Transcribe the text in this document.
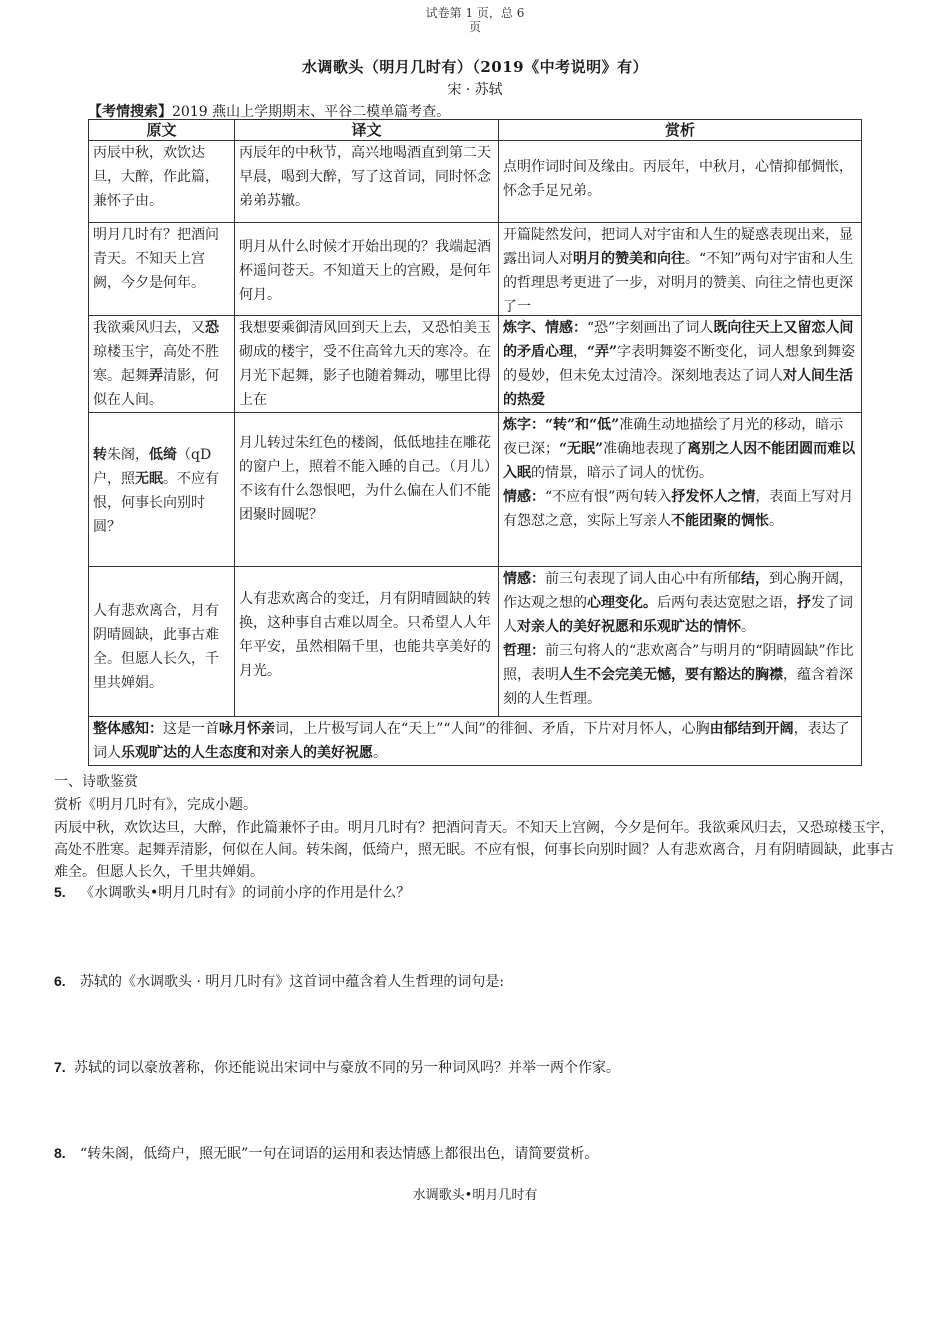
试卷第 1 页，总 6
页
水调歌头（明月几时有）（2019《中考说明》有）
宋 · 苏轼
【考情搜索】2019 燕山上学期期末、平谷二模单篇考查。
原文	译文	赏析
丙辰中秋，欢饮达旦，大醉，作此篇，兼怀子由。	丙辰年的中秋节，高兴地喝酒直到第二天早晨，喝到大醉，写了这首词，同时怀念弟弟苏辙。	点明作词时间及缘由。丙辰年，中秋月，心情抑郁惆怅，怀念手足兄弟。
明月几时有？把酒问青天。不知天上宫阙，今夕是何年。	明月从什么时候才开始出现的？我端起酒杯遥问苍天。不知道天上的宫殿，是何年何月。	开篇陡然发问，把词人对宇宙和人生的疑惑表现出来，显露出词人对明月的赞美和向往。“不知”两句对宇宙和人生的哲理思考更进了一步，对明月的赞美、向往之情也更深了一

我欲乘风归去，又恐琼楼玉宇，高处不胜寒。起舞弄清影，何似在人间。	我想要乘御清风回到天上去，又恐怕美玉砌成的楼宇，受不住高耸九天的寒冷。在月光下起舞，影子也随着舞动，哪里比得上在	炼字、情感：“恐”字刻画出了词人既向往天上又留恋人间的矛盾心理，“弄”字表明舞姿不断变化，词人想象到舞姿的曼妙，但未免太过清冷。深刻地表达了词人对人间生活的热爱

转朱阁，低绮（qD 户，照无眠。不应有恨，何事长向别时圆？	月儿转过朱红色的楼阁，低低地挂在雕花的窗户上，照着不能入睡的自己。（月儿）不该有什么怨恨吧，为什么偏在人们不能团聚时圆呢？	炼字：“转”和“低”准确生动地描绘了月光的移动，暗示夜已深；“无眠”准确地表现了离别之人因不能团圆而难以入眠的情景，暗示了词人的忧伤。
情感：“不应有恨”两句转入抒发怀人之情，表面上写对月有怨怼之意，实际上写亲人不能团聚的惆怅。
人有悲欢离合，月有阴晴圆缺，此事古难全。但愿人长久，千里共婵娟。	人有悲欢离合的变迁，月有阴晴圆缺的转换，这种事自古难以周全。只希望人人年年平安，虽然相隔千里，也能共享美好的月光。	情感：前三句表现了词人由心中有所郁结，到心胸开阔，作达观之想的心理变化。后两句表达宽慰之语，抒发了词人对亲人的美好祝愿和乐观旷达的情怀。
哲理：前三句将人的“悲欢离合”与明月的“阴晴圆缺”作比照，表明人生不会完美无憾，要有豁达的胸襟，蕴含着深刻的人生哲理。
整体感知：这是一首咏月怀亲词，上片极写词人在“天上”“人间”的徘徊、矛盾，下片对月怀人，心胸由郁结到开阔，表达了词人乐观旷达的人生态度和对亲人的美好祝愿。		
一、诗歌鉴赏
赏析《明月几时有》，完成小题。
丙辰中秋，欢饮达旦，大醉，作此篇兼怀子由。明月几时有？把酒问青天。不知天上宫阙，今夕是何年。我欲乘风归去，又恐琼楼玉宇，高处不胜寒。起舞弄清影，何似在人间。转朱阁，低绮户，照无眠。不应有恨，何事长向别时圆？人有悲欢离合，月有阴晴圆缺，此事古难全。但愿人长久，千里共婵娟。
5. 《水调歌头•明月几时有》的词前小序的作用是什么？
6. 苏轼的《水调歌头 · 明月几时有》这首词中蕴含着人生哲理的词句是:
7. 苏轼的词以豪放著称，你还能说出宋词中与豪放不同的另一种词风吗？并举一两个作家。
8. “转朱阁，低绮户，照无眠”一句在词语的运用和表达情感上都很出色，请简要赏析。
水调歌头•明月几时有
